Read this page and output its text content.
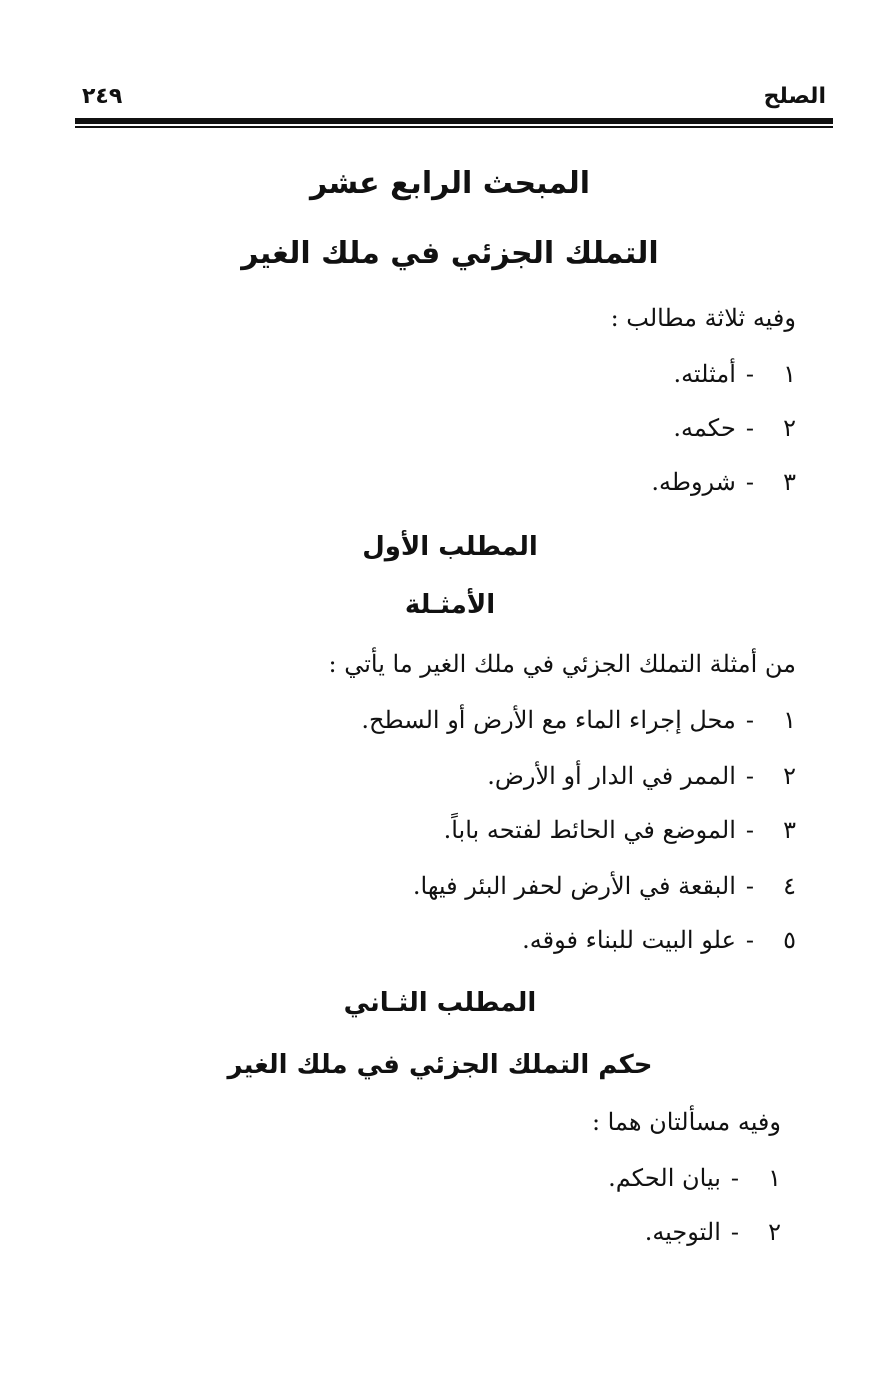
الصلح
٢٤٩
المبحث الرابع عشر
التملك الجزئي في ملك الغير
وفيه ثلاثة مطالب :
١
-
أمثلته.
٢
-
حكمه.
٣
-
شروطه.
المطلب الأول
الأمثـلة
من أمثلة التملك الجزئي في ملك الغير ما يأتي :
١
-
محل إجراء الماء مع الأرض أو السطح.
٢
-
الممر في الدار أو الأرض.
٣
-
الموضع في الحائط لفتحه باباً.
٤
-
البقعة في الأرض لحفر البئر فيها.
٥
-
علو البيت للبناء فوقه.
المطلب الثـاني
حكم التملك الجزئي في ملك الغير
وفيه مسألتان هما :
١
-
بيان الحكم.
٢
-
التوجيه.
